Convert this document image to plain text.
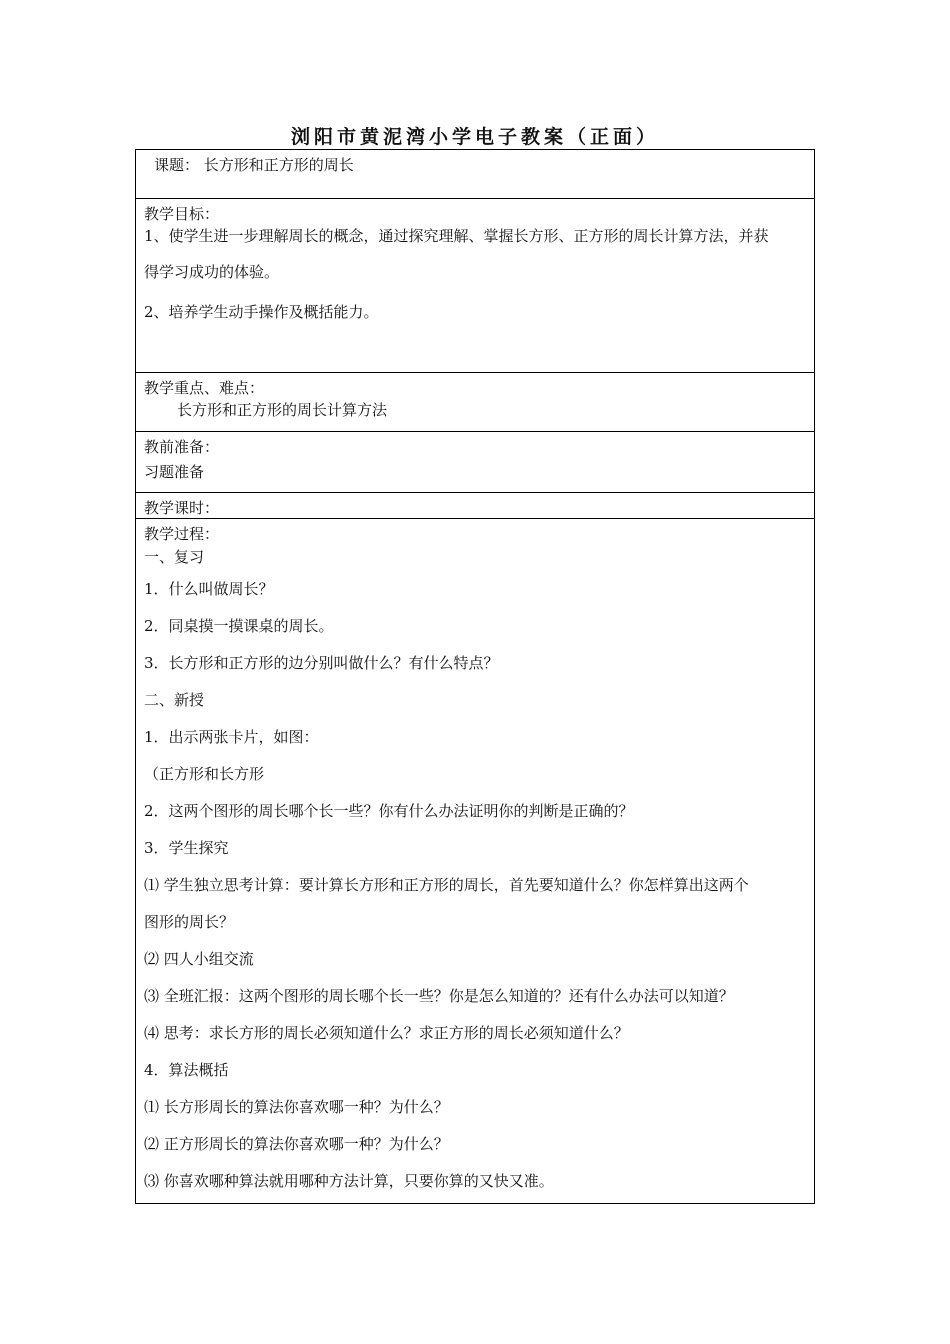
浏阳市黄泥湾小学电子教案（正面）

课题： 长方形和正方形的周长

教学目标：

1、使学生进一步理解周长的概念，通过探究理解、掌握长方形、正方形的周长计算方法，并获

得学习成功的体验。

2、培养学生动手操作及概括能力。

教学重点、难点：

长方形和正方形的周长计算方法

教前准备：

习题准备

教学课时：

教学过程：

一、复习

1．什么叫做周长？

2．同桌摸一摸课桌的周长。

3．长方形和正方形的边分别叫做什么？有什么特点？

二、新授

1．出示两张卡片，如图：

（正方形和长方形

2．这两个图形的周长哪个长一些？你有什么办法证明你的判断是正确的？

3．学生探究

⑴ 学生独立思考计算：要计算长方形和正方形的周长，首先要知道什么？你怎样算出这两个

图形的周长？

⑵ 四人小组交流

⑶ 全班汇报：这两个图形的周长哪个长一些？你是怎么知道的？还有什么办法可以知道？

⑷ 思考：求长方形的周长必须知道什么？求正方形的周长必须知道什么？

4．算法概括

⑴ 长方形周长的算法你喜欢哪一种？为什么？

⑵ 正方形周长的算法你喜欢哪一种？为什么？

⑶ 你喜欢哪种算法就用哪种方法计算，只要你算的又快又准。
